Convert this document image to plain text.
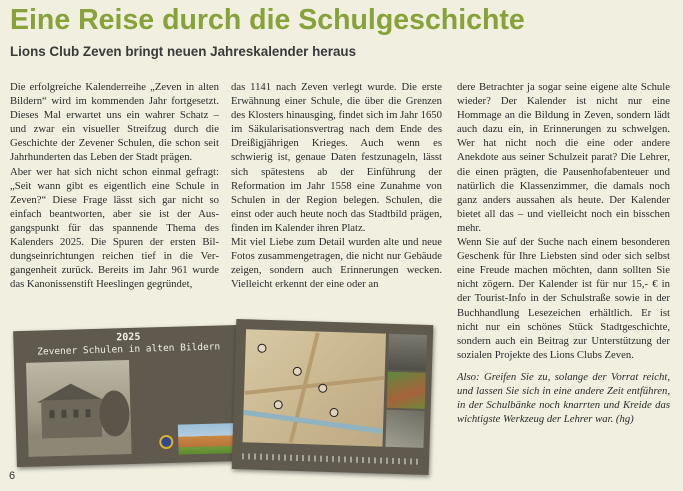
Eine Reise durch die Schulgeschichte
Lions Club Zeven bringt neuen Jahreskalender heraus

Die erfolgreiche Kalenderreihe „Zeven in alten Bildern“ wird im kommenden Jahr fortgesetzt. Dieses Mal erwartet uns ein wahrer Schatz – und zwar ein visueller Streifzug durch die Geschichte der Zevener Schulen, die schon seit Jahrhunderten das Leben der Stadt prägen.

Aber wer hat sich nicht schon einmal gefragt: „Seit wann gibt es eigentlich eine Schule in Zeven?“ Diese Frage lässt sich gar nicht so einfach beantworten, aber sie ist der Ausgangspunkt für das spannende Thema des Kalenders 2025. Die Spuren der ersten Bildungseinrichtungen reichen tief in die Vergangenheit zurück. Bereits im Jahr 961 wurde das Kanonissenstift Heeslingen gegründet,

das 1141 nach Zeven verlegt wurde. Die erste Erwähnung einer Schule, die über die Grenzen des Klosters hinausging, findet sich im Jahr 1650 im Säkularisationsvertrag nach dem Ende des Dreißigjährigen Krieges. Auch wenn es schwierig ist, genaue Daten festzunageln, lässt sich spätestens ab der Einführung der Reformation im Jahr 1558 eine Zunahme von Schulen in der Region belegen. Schulen, die einst oder auch heute noch das Stadtbild prägen, finden im Kalender ihren Platz.

Mit viel Liebe zum Detail wurden alte und neue Fotos zusammengetragen, die nicht nur Gebäude zeigen, sondern auch Erinnerungen wecken. Vielleicht erkennt der eine oder an

dere Betrachter ja sogar seine eigene alte Schule wieder? Der Kalender ist nicht nur eine Hommage an die Bildung in Zeven, sondern lädt auch dazu ein, in Erinnerungen zu schwelgen. Wer hat nicht noch die eine oder andere Anekdote aus seiner Schulzeit parat? Die Lehrer, die einen prägten, die Pausenhofabenteuer und natürlich die Klassenzimmer, die damals noch ganz anders aussahen als heute. Der Kalender bietet all das – und vielleicht noch ein bisschen mehr.

Wenn Sie auf der Suche nach einem besonderen Geschenk für Ihre Liebsten sind oder sich selbst eine Freude machen möchten, dann sollten Sie nicht zögern. Der Kalender ist für nur 15,- € in der Tourist-Info in der Schulstraße sowie in der Buchhandlung Lesezeichen erhältlich. Er ist nicht nur ein schönes Stück Stadtgeschichte, sondern auch ein Beitrag zur Unterstützung der sozialen Projekte des Lions Clubs Zeven.

Also: Greifen Sie zu, solange der Vorrat reicht, und lassen Sie sich in eine andere Zeit entführen, in der Schulbänke noch knarrten und Kreide das wichtigste Werkzeug der Lehrer war. (hg)

2025
Zevener Schulen in alten Bildern
6
